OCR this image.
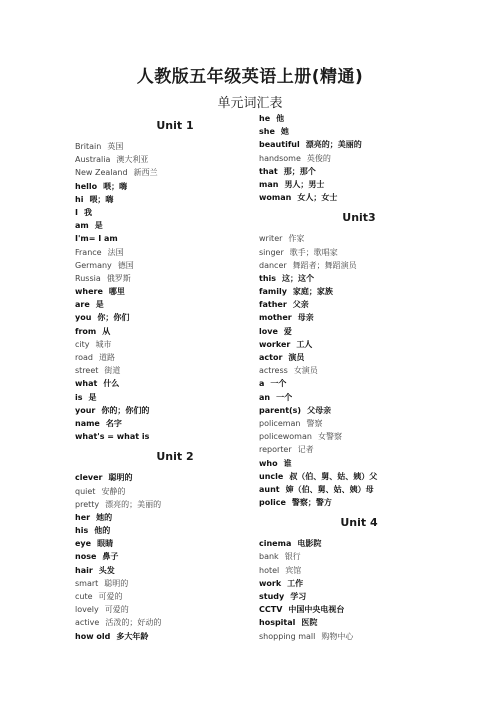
人教版五年级英语上册(精通)
单元词汇表
Unit 1
Britain 英国
Australia 澳大利亚
New Zealand 新西兰
hello 喂；嗨
hi 喂；嗨
I 我
am 是
I'm= I am
France 法国
Germany 德国
Russia 俄罗斯
where 哪里
are 是
you 你；你们
from 从
city 城市
road 道路
street 街道
what 什么
is 是
your 你的；你们的
name 名字
what's = what is
Unit 2
clever 聪明的
quiet 安静的
pretty 漂亮的；美丽的
her 她的
his 他的
eye 眼睛
nose 鼻子
hair 头发
smart 聪明的
cute 可爱的
lovely 可爱的
active 活泼的；好动的
how old 多大年龄
he 他
she 她
beautiful 漂亮的；美丽的
handsome 英俊的
that 那；那个
man 男人；男士
woman 女人；女士
Unit3
writer 作家
singer 歌手；歌唱家
dancer 舞蹈者；舞蹈演员
this 这；这个
family 家庭；家族
father 父亲
mother 母亲
love 爱
worker 工人
actor 演员
actress 女演员
a 一个
an 一个
parent(s) 父母亲
policeman 警察
policewoman 女警察
reporter 记者
who 谁
uncle 叔（伯、舅、姑、姨）父
aunt 婶（伯、舅、姑、姨）母
police 警察；警方
Unit 4
cinema 电影院
bank 银行
hotel 宾馆
work 工作
study 学习
CCTV 中国中央电视台
hospital 医院
shopping mall 购物中心
